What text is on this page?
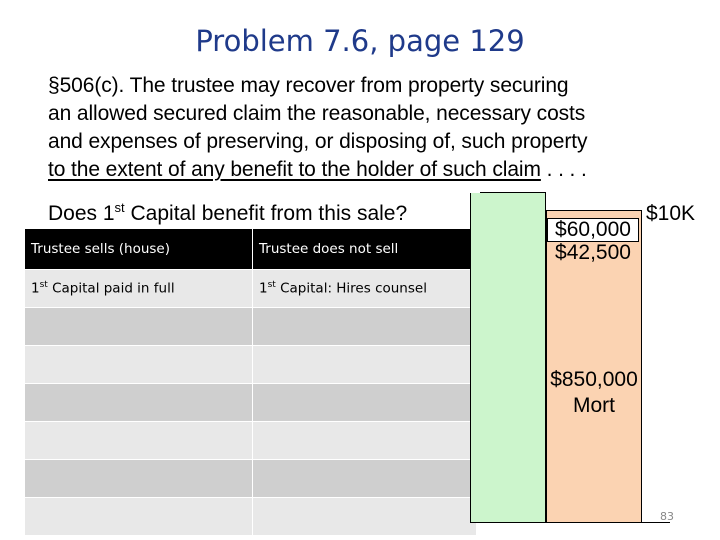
Problem 7.6, page 129
§506(c). The trustee may recover from property securing
an allowed secured claim the reasonable, necessary costs
and expenses of preserving, or disposing of, such property
to the extent of any benefit to the holder of such claim . . . .
Does 1st Capital benefit from this sale?
Trustee sells (house)	Trustee does not sell
1st Capital paid in full	1st Capital: Hires counsel

$60,000
$42,500
$10K
$850,000
Mort
83
